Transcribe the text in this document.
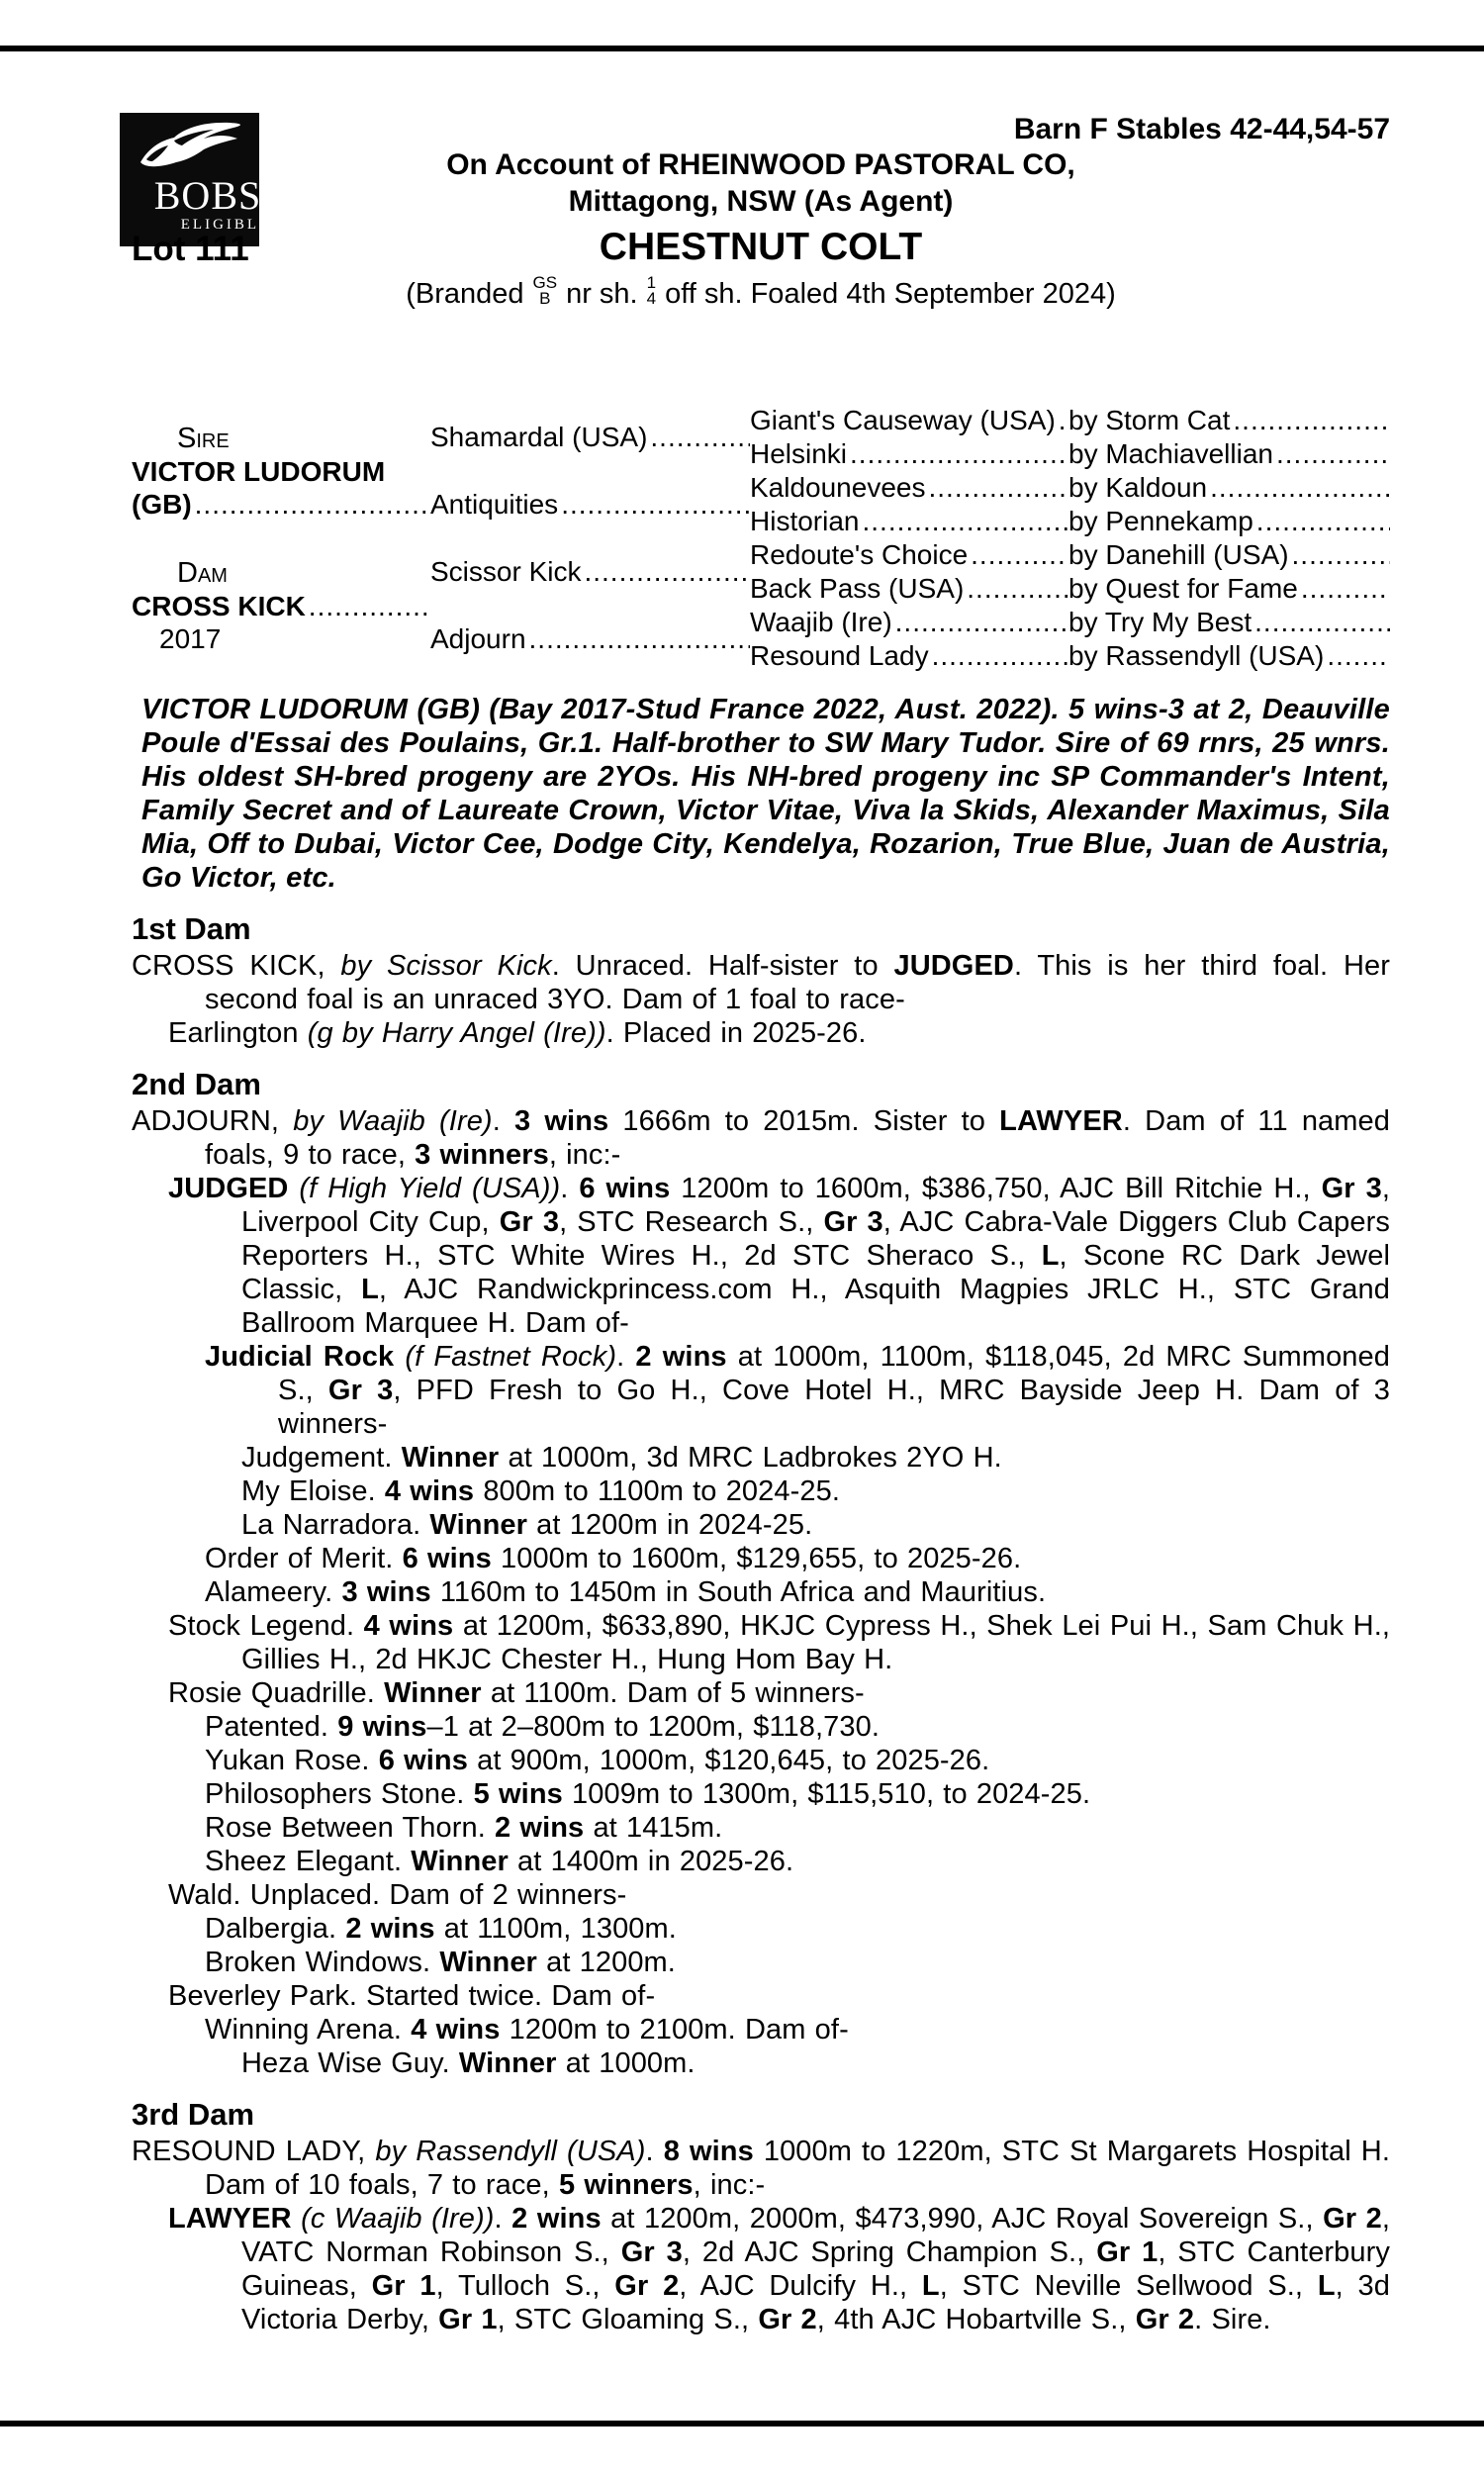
BOBS
ELIGIBLE
Barn F Stables 42-44,54-57
On Account of RHEINWOOD PASTORAL CO,
Mittagong, NSW (As Agent)
Lot 111	CHESTNUT COLT
(Branded GS
B nr sh. 1
4 off sh. Foaled 4th September 2024)
Sire
VICTOR LUDORUM
(GB)
.....
Dam
CROSS KICK
.....
2017
Shamardal (USA)
.....
Antiquities
.....
Scissor Kick
.....
Adjourn
.....
Giant's Causeway (USA)
.....
Helsinki
.....
Kaldounevees
.....
Historian
.....
Redoute's Choice
.....
Back Pass (USA)
.....
Waajib (Ire)
.....
Resound Lady
.....
by Storm Cat
.....
by Machiavellian
.....
by Kaldoun
.....
by Pennekamp
.....
by Danehill (USA)
.....
by Quest for Fame
.....
by Try My Best
.....
by Rassendyll (USA)
.....

VICTOR LUDORUM (GB) (Bay 2017-Stud France 2022, Aust. 2022). 5 wins-3 at 2, Deauville Poule d'Essai des Poulains, Gr.1. Half-brother to SW Mary Tudor. Sire of 69 rnrs, 25 wnrs. His oldest SH-bred progeny are 2YOs. His NH-bred progeny inc SP Commander's Intent, Family Secret and of Laureate Crown, Victor Vitae, Viva la Skids, Alexander Maximus, Sila Mia, Off to Dubai, Victor Cee, Dodge City, Kendelya, Rozarion, True Blue, Juan de Austria, Go Victor, etc.

1st Dam

CROSS KICK, by Scissor Kick. Unraced. Half-sister to JUDGED. This is her third foal. Her second foal is an unraced 3YO. Dam of 1 foal to race-

Earlington (g by Harry Angel (Ire)). Placed in 2025-26.

2nd Dam

ADJOURN, by Waajib (Ire). 3 wins 1666m to 2015m. Sister to LAWYER. Dam of 11 named foals, 9 to race, 3 winners, inc:-

JUDGED (f High Yield (USA)). 6 wins 1200m to 1600m, $386,750, AJC Bill Ritchie H., Gr 3, Liverpool City Cup, Gr 3, STC Research S., Gr 3, AJC Cabra-Vale Diggers Club Capers Reporters H., STC White Wires H., 2d STC Sheraco S., L, Scone RC Dark Jewel Classic, L, AJC Randwickprincess.com H., Asquith Magpies JRLC H., STC Grand Ballroom Marquee H. Dam of-

Judicial Rock (f Fastnet Rock). 2 wins at 1000m, 1100m, $118,045, 2d MRC Summoned S., Gr 3, PFD Fresh to Go H., Cove Hotel H., MRC Bayside Jeep H. Dam of 3 winners-

Judgement. Winner at 1000m, 3d MRC Ladbrokes 2YO H.

My Eloise. 4 wins 800m to 1100m to 2024-25.

La Narradora. Winner at 1200m in 2024-25.

Order of Merit. 6 wins 1000m to 1600m, $129,655, to 2025-26.

Alameery. 3 wins 1160m to 1450m in South Africa and Mauritius.

Stock Legend. 4 wins at 1200m, $633,890, HKJC Cypress H., Shek Lei Pui H., Sam Chuk H., Gillies H., 2d HKJC Chester H., Hung Hom Bay H.

Rosie Quadrille. Winner at 1100m. Dam of 5 winners-

Patented. 9 wins–1 at 2–800m to 1200m, $118,730.

Yukan Rose. 6 wins at 900m, 1000m, $120,645, to 2025-26.

Philosophers Stone. 5 wins 1009m to 1300m, $115,510, to 2024-25.

Rose Between Thorn. 2 wins at 1415m.

Sheez Elegant. Winner at 1400m in 2025-26.

Wald. Unplaced. Dam of 2 winners-

Dalbergia. 2 wins at 1100m, 1300m.

Broken Windows. Winner at 1200m.

Beverley Park. Started twice. Dam of-

Winning Arena. 4 wins 1200m to 2100m. Dam of-

Heza Wise Guy. Winner at 1000m.

3rd Dam

RESOUND LADY, by Rassendyll (USA). 8 wins 1000m to 1220m, STC St Margarets Hospital H. Dam of 10 foals, 7 to race, 5 winners, inc:-

LAWYER (c Waajib (Ire)). 2 wins at 1200m, 2000m, $473,990, AJC Royal Sovereign S., Gr 2, VATC Norman Robinson S., Gr 3, 2d AJC Spring Champion S., Gr 1, STC Canterbury Guineas, Gr 1, Tulloch S., Gr 2, AJC Dulcify H., L, STC Neville Sellwood S., L, 3d Victoria Derby, Gr 1, STC Gloaming S., Gr 2, 4th AJC Hobartville S., Gr 2. Sire.
